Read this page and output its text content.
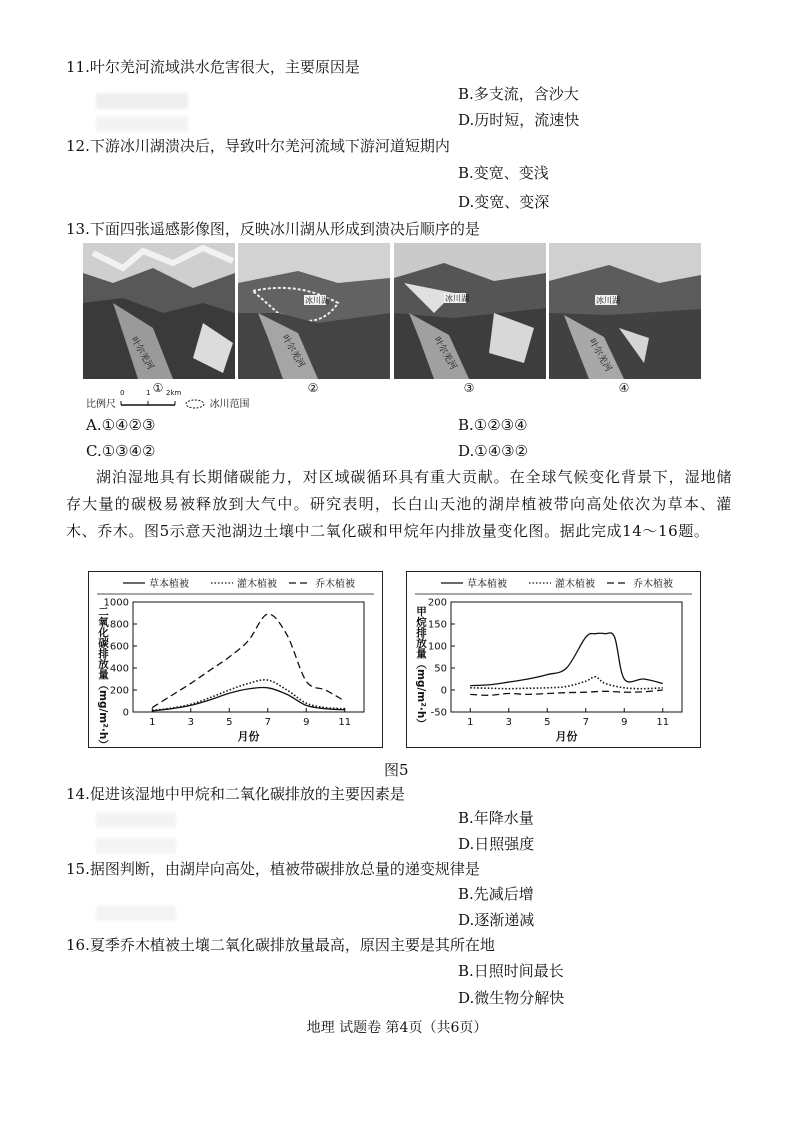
11.叶尔羌河流域洪水危害很大，主要原因是
B.多支流，含沙大
D.历时短，流速快
12.下游冰川湖溃决后，导致叶尔羌河流域下游河道短期内
B.变宽、变浅
D.变宽、变深
13.下面四张遥感影像图，反映冰川湖从形成到溃决后顺序的是
叶尔羌河
冰川湖
叶尔羌河
冰川湖
叶尔羌河
冰川湖
叶尔羌河
①	②	③	④
比例尺
0	1 2km
冰川范围
A.①④②③	B.①②③④
C.①③④②	D.①④③②

湖泊湿地具有长期储碳能力，对区域碳循环具有重大贡献。在全球气候变化背景下，湿地储存大量的碳极易被释放到大气中。研究表明，长白山天池的湖岸植被带向高处依次为草本、灌木、乔木。图5示意天池湖边土壤中二氧化碳和甲烷年内排放量变化图。据此完成14～16题。

草本植被	灌木植被	乔木植被
0
200
400
600
800
1000
1	3	5	7	9	11
月份
二氧化碳排放量（mg/m²·h）
草本植被	灌木植被	乔木植被
-50
0
50
100
150
200
1	3	5	7	9	11
月份
甲烷排放量（mg/m²·h）
图5
14.促进该湿地中甲烷和二氧化碳排放的主要因素是
B.年降水量
D.日照强度
15.据图判断，由湖岸向高处，植被带碳排放总量的递变规律是
B.先减后增
D.逐渐递减
16.夏季乔木植被土壤二氧化碳排放量最高，原因主要是其所在地
B.日照时间最长
D.微生物分解快
地理 试题卷 第4页（共6页）
